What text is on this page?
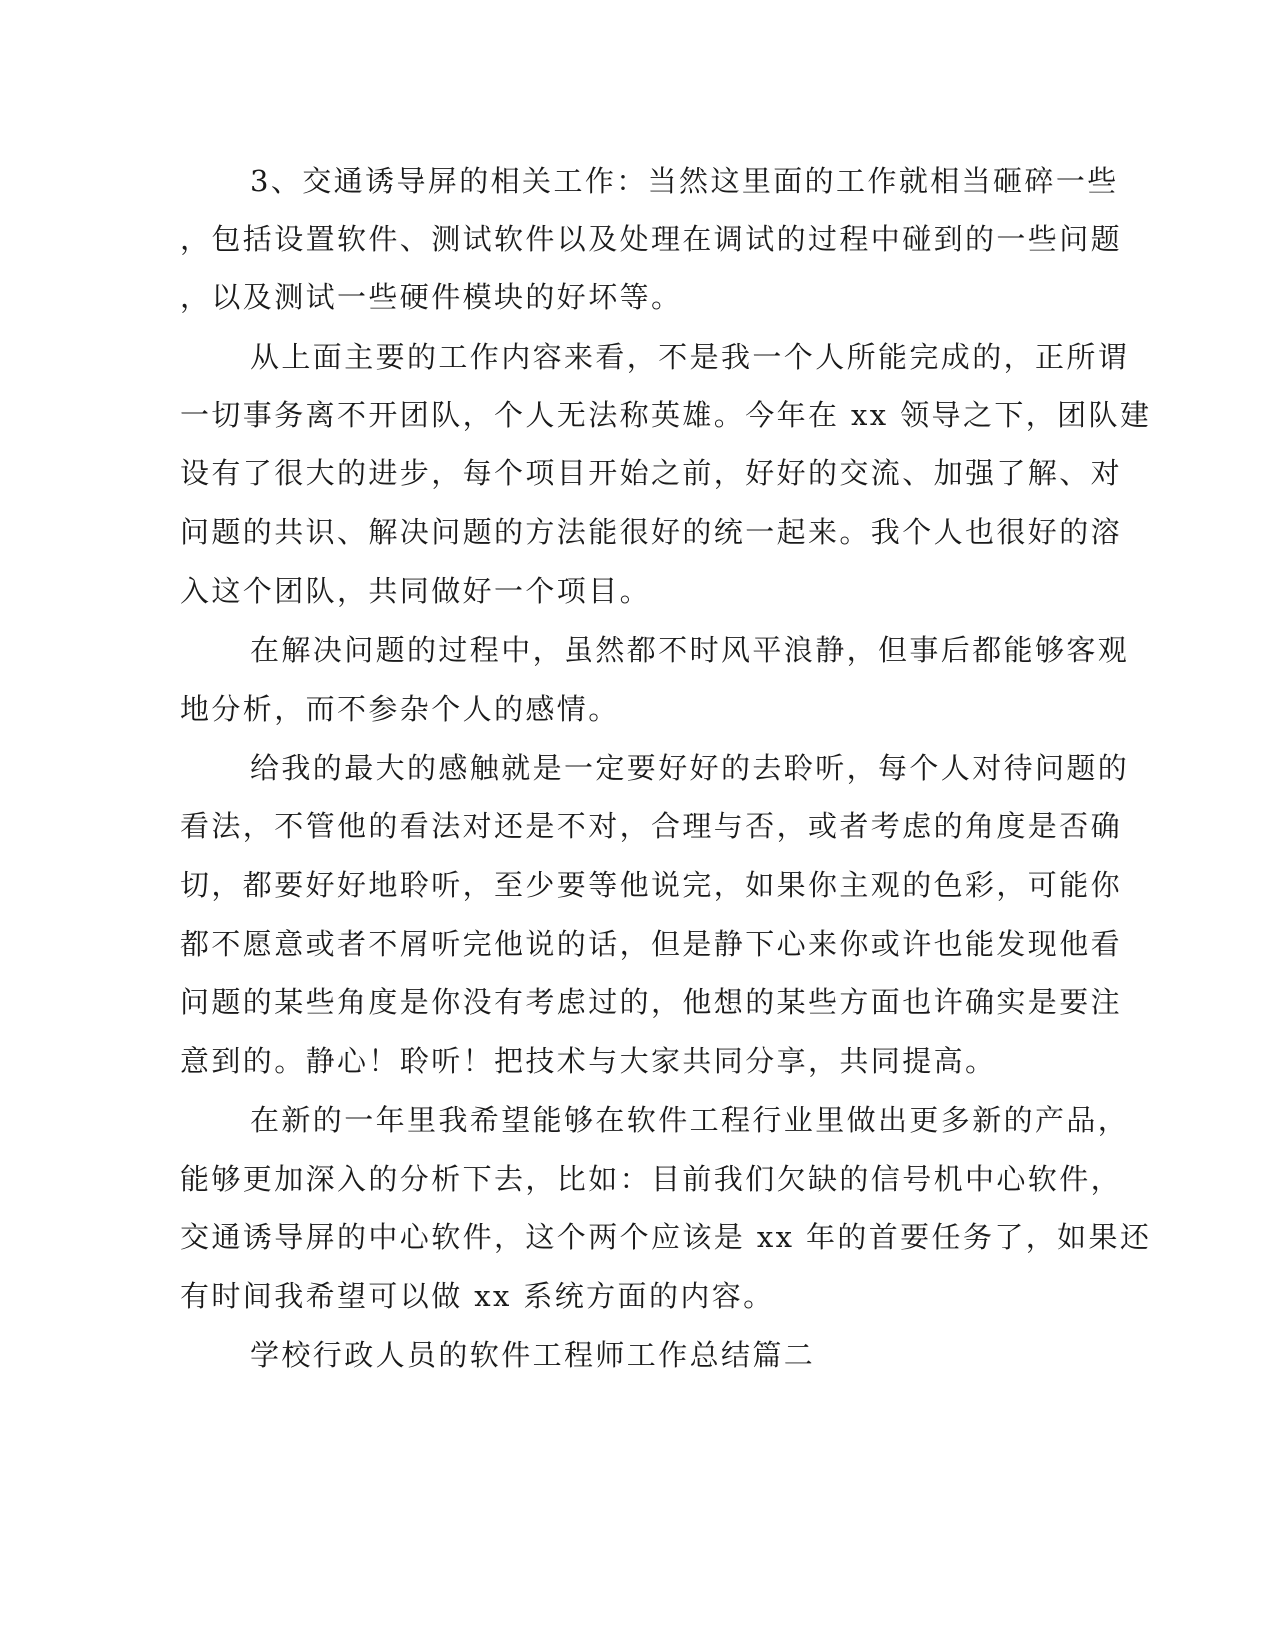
3、交通诱导屏的相关工作：当然这里面的工作就相当砸碎一些
，包括设置软件、测试软件以及处理在调试的过程中碰到的一些问题
，以及测试一些硬件模块的好坏等。
从上面主要的工作内容来看，不是我一个人所能完成的，正所谓
一切事务离不开团队，个人无法称英雄。今年在 xx 领导之下，团队建
设有了很大的进步，每个项目开始之前，好好的交流、加强了解、对
问题的共识、解决问题的方法能很好的统一起来。我个人也很好的溶
入这个团队，共同做好一个项目。
在解决问题的过程中，虽然都不时风平浪静，但事后都能够客观
地分析，而不参杂个人的感情。
给我的最大的感触就是一定要好好的去聆听，每个人对待问题的
看法，不管他的看法对还是不对，合理与否，或者考虑的角度是否确
切，都要好好地聆听，至少要等他说完，如果你主观的色彩，可能你
都不愿意或者不屑听完他说的话，但是静下心来你或许也能发现他看
问题的某些角度是你没有考虑过的，他想的某些方面也许确实是要注
意到的。静心！聆听！把技术与大家共同分享，共同提高。
在新的一年里我希望能够在软件工程行业里做出更多新的产品，
能够更加深入的分析下去，比如：目前我们欠缺的信号机中心软件，
交通诱导屏的中心软件，这个两个应该是 xx 年的首要任务了，如果还
有时间我希望可以做 xx 系统方面的内容。
学校行政人员的软件工程师工作总结篇二
